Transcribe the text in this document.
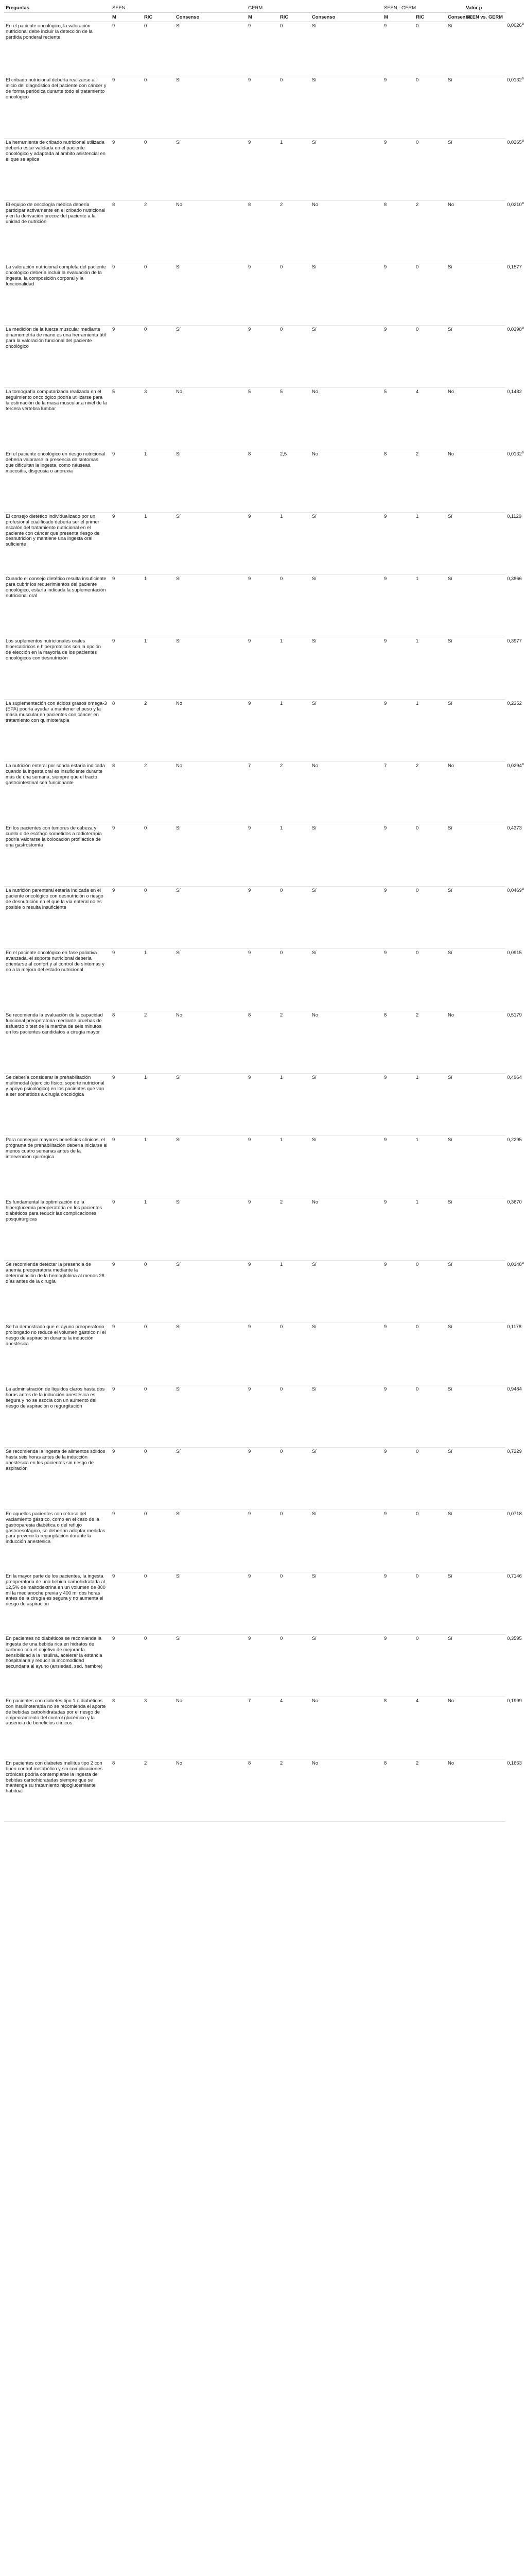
Preguntas	SEEN			GERM			SEEN - GERM			Valor p	
	M	RIC	Consenso	M	RIC	Consenso	M	RIC	Consenso	SEEN vs. GERM	
En el paciente oncológico, la valoración nutricional debe incluir la detección de la pérdida ponderal reciente	9	0	Sí	9	0	Sí	9	0	Sí		0,0026$^a$
El cribado nutricional debería realizarse al inicio del diagnóstico del paciente con cáncer y de forma periódica durante todo el tratamiento oncológico	9	0	Sí	9	0	Sí	9	0	Sí		0,0132$^a$
La herramienta de cribado nutricional utilizada debería estar validada en el paciente oncológico y adaptada al ámbito asistencial en el que se aplica	9	0	Sí	9	1	Sí	9	0	Sí		0,0265$^a$
El equipo de oncología médica debería participar activamente en el cribado nutricional y en la derivación precoz del paciente a la unidad de nutrición	8	2	No	8	2	No	8	2	No		0,0210$^a$
La valoración nutricional completa del paciente oncológico debería incluir la evaluación de la ingesta, la composición corporal y la funcionalidad	9	0	Sí	9	0	Sí	9	0	Sí		0,1577
La medición de la fuerza muscular mediante dinamometría de mano es una herramienta útil para la valoración funcional del paciente oncológico	9	0	Sí	9	0	Sí	9	0	Sí		0,0398$^a$
La tomografía computarizada realizada en el seguimiento oncológico podría utilizarse para la estimación de la masa muscular a nivel de la tercera vértebra lumbar	5	3	No	5	5	No	5	4	No		0,1482
En el paciente oncológico en riesgo nutricional debería valorarse la presencia de síntomas que dificultan la ingesta, como náuseas, mucositis, disgeusia o anorexia	9	1	Sí	8	2,5	No	8	2	No		0,0132$^a$
El consejo dietético individualizado por un profesional cualificado debería ser el primer escalón del tratamiento nutricional en el paciente con cáncer que presenta riesgo de desnutrición y mantiene una ingesta oral suficiente	9	1	Sí	9	1	Sí	9	1	Sí		0,1129
Cuando el consejo dietético resulta insuficiente para cubrir los requerimientos del paciente oncológico, estaría indicada la suplementación nutricional oral	9	1	Sí	9	0	Sí	9	1	Sí		0,3866
Los suplementos nutricionales orales hipercalóricos e hiperproteicos son la opción de elección en la mayoría de los pacientes oncológicos con desnutrición	9	1	Sí	9	1	Sí	9	1	Sí		0,3977
La suplementación con ácidos grasos omega-3 (EPA) podría ayudar a mantener el peso y la masa muscular en pacientes con cáncer en tratamiento con quimioterapia	8	2	No	9	1	Sí	9	1	Sí		0,2352
La nutrición enteral por sonda estaría indicada cuando la ingesta oral es insuficiente durante más de una semana, siempre que el tracto gastrointestinal sea funcionante	8	2	No	7	2	No	7	2	No		0,0294$^a$
En los pacientes con tumores de cabeza y cuello o de esófago sometidos a radioterapia podría valorarse la colocación profiláctica de una gastrostomía	9	0	Sí	9	1	Sí	9	0	Sí		0,4373
La nutrición parenteral estaría indicada en el paciente oncológico con desnutrición o riesgo de desnutrición en el que la vía enteral no es posible o resulta insuficiente	9	0	Sí	9	0	Sí	9	0	Sí		0,0469$^a$
En el paciente oncológico en fase paliativa avanzada, el soporte nutricional debería orientarse al confort y al control de síntomas y no a la mejora del estado nutricional	9	1	Sí	9	0	Sí	9	0	Sí		0,0915
Se recomienda la evaluación de la capacidad funcional preoperatoria mediante pruebas de esfuerzo o test de la marcha de seis minutos en los pacientes candidatos a cirugía mayor	8	2	No	8	2	No	8	2	No		0,5179
Se debería considerar la prehabilitación multimodal (ejercicio físico, soporte nutricional y apoyo psicológico) en los pacientes que van a ser sometidos a cirugía oncológica	9	1	Sí	9	1	Sí	9	1	Sí		0,4964
Para conseguir mayores beneficios clínicos, el programa de prehabilitación debería iniciarse al menos cuatro semanas antes de la intervención quirúrgica	9	1	Sí	9	1	Sí	9	1	Sí		0,2295
Es fundamental la optimización de la hiperglucemia preoperatoria en los pacientes diabéticos para reducir las complicaciones posquirúrgicas	9	1	Sí	9	2	No	9	1	Sí		0,3670
Se recomienda detectar la presencia de anemia preoperatoria mediante la determinación de la hemoglobina al menos 28 días antes de la cirugía	9	0	Sí	9	1	Sí	9	0	Sí		0,0148$^a$
Se ha demostrado que el ayuno preoperatorio prolongado no reduce el volumen gástrico ni el riesgo de aspiración durante la inducción anestésica	9	0	Sí	9	0	Sí	9	0	Sí		0,1178
La administración de líquidos claros hasta dos horas antes de la inducción anestésica es segura y no se asocia con un aumento del riesgo de aspiración o regurgitación	9	0	Sí	9	0	Sí	9	0	Sí		0,9484
Se recomienda la ingesta de alimentos sólidos hasta seis horas antes de la inducción anestésica en los pacientes sin riesgo de aspiración	9	0	Sí	9	0	Sí	9	0	Sí		0,7229
En aquellos pacientes con retraso del vaciamiento gástrico, como en el caso de la gastroparesia diabética o del reflujo gastroesofágico, se deberían adoptar medidas para prevenir la regurgitación durante la inducción anestésica	9	0	Sí	9	0	Sí	9	0	Sí		0,0718
En la mayor parte de los pacientes, la ingesta preoperatoria de una bebida carbohidratada al 12,5% de maltodextrina en un volumen de 800 ml la medianoche previa y 400 ml dos horas antes de la cirugía es segura y no aumenta el riesgo de aspiración	9	0	Sí	9	0	Sí	9	0	Sí		0,7146
En pacientes no diabéticos se recomienda la ingesta de una bebida rica en hidratos de carbono con el objetivo de mejorar la sensibilidad a la insulina, acelerar la estancia hospitalaria y reducir la incomodidad secundaria al ayuno (ansiedad, sed, hambre)	9	0	Sí	9	0	Sí	9	0	Sí		0,3595
En pacientes con diabetes tipo 1 o diabéticos con insulinoterapia no se recomienda el aporte de bebidas carbohidratadas por el riesgo de empeoramiento del control glucémico y la ausencia de beneficios clínicos	8	3	No	7	4	No	8	4	No		0,1999
En pacientes con diabetes mellitus tipo 2 con buen control metabólico y sin complicaciones crónicas podría contemplarse la ingesta de bebidas carbohidratadas siempre que se mantenga su tratamiento hipoglucemiante habitual	8	2	No	8	2	No	8	2	No		0,1663
